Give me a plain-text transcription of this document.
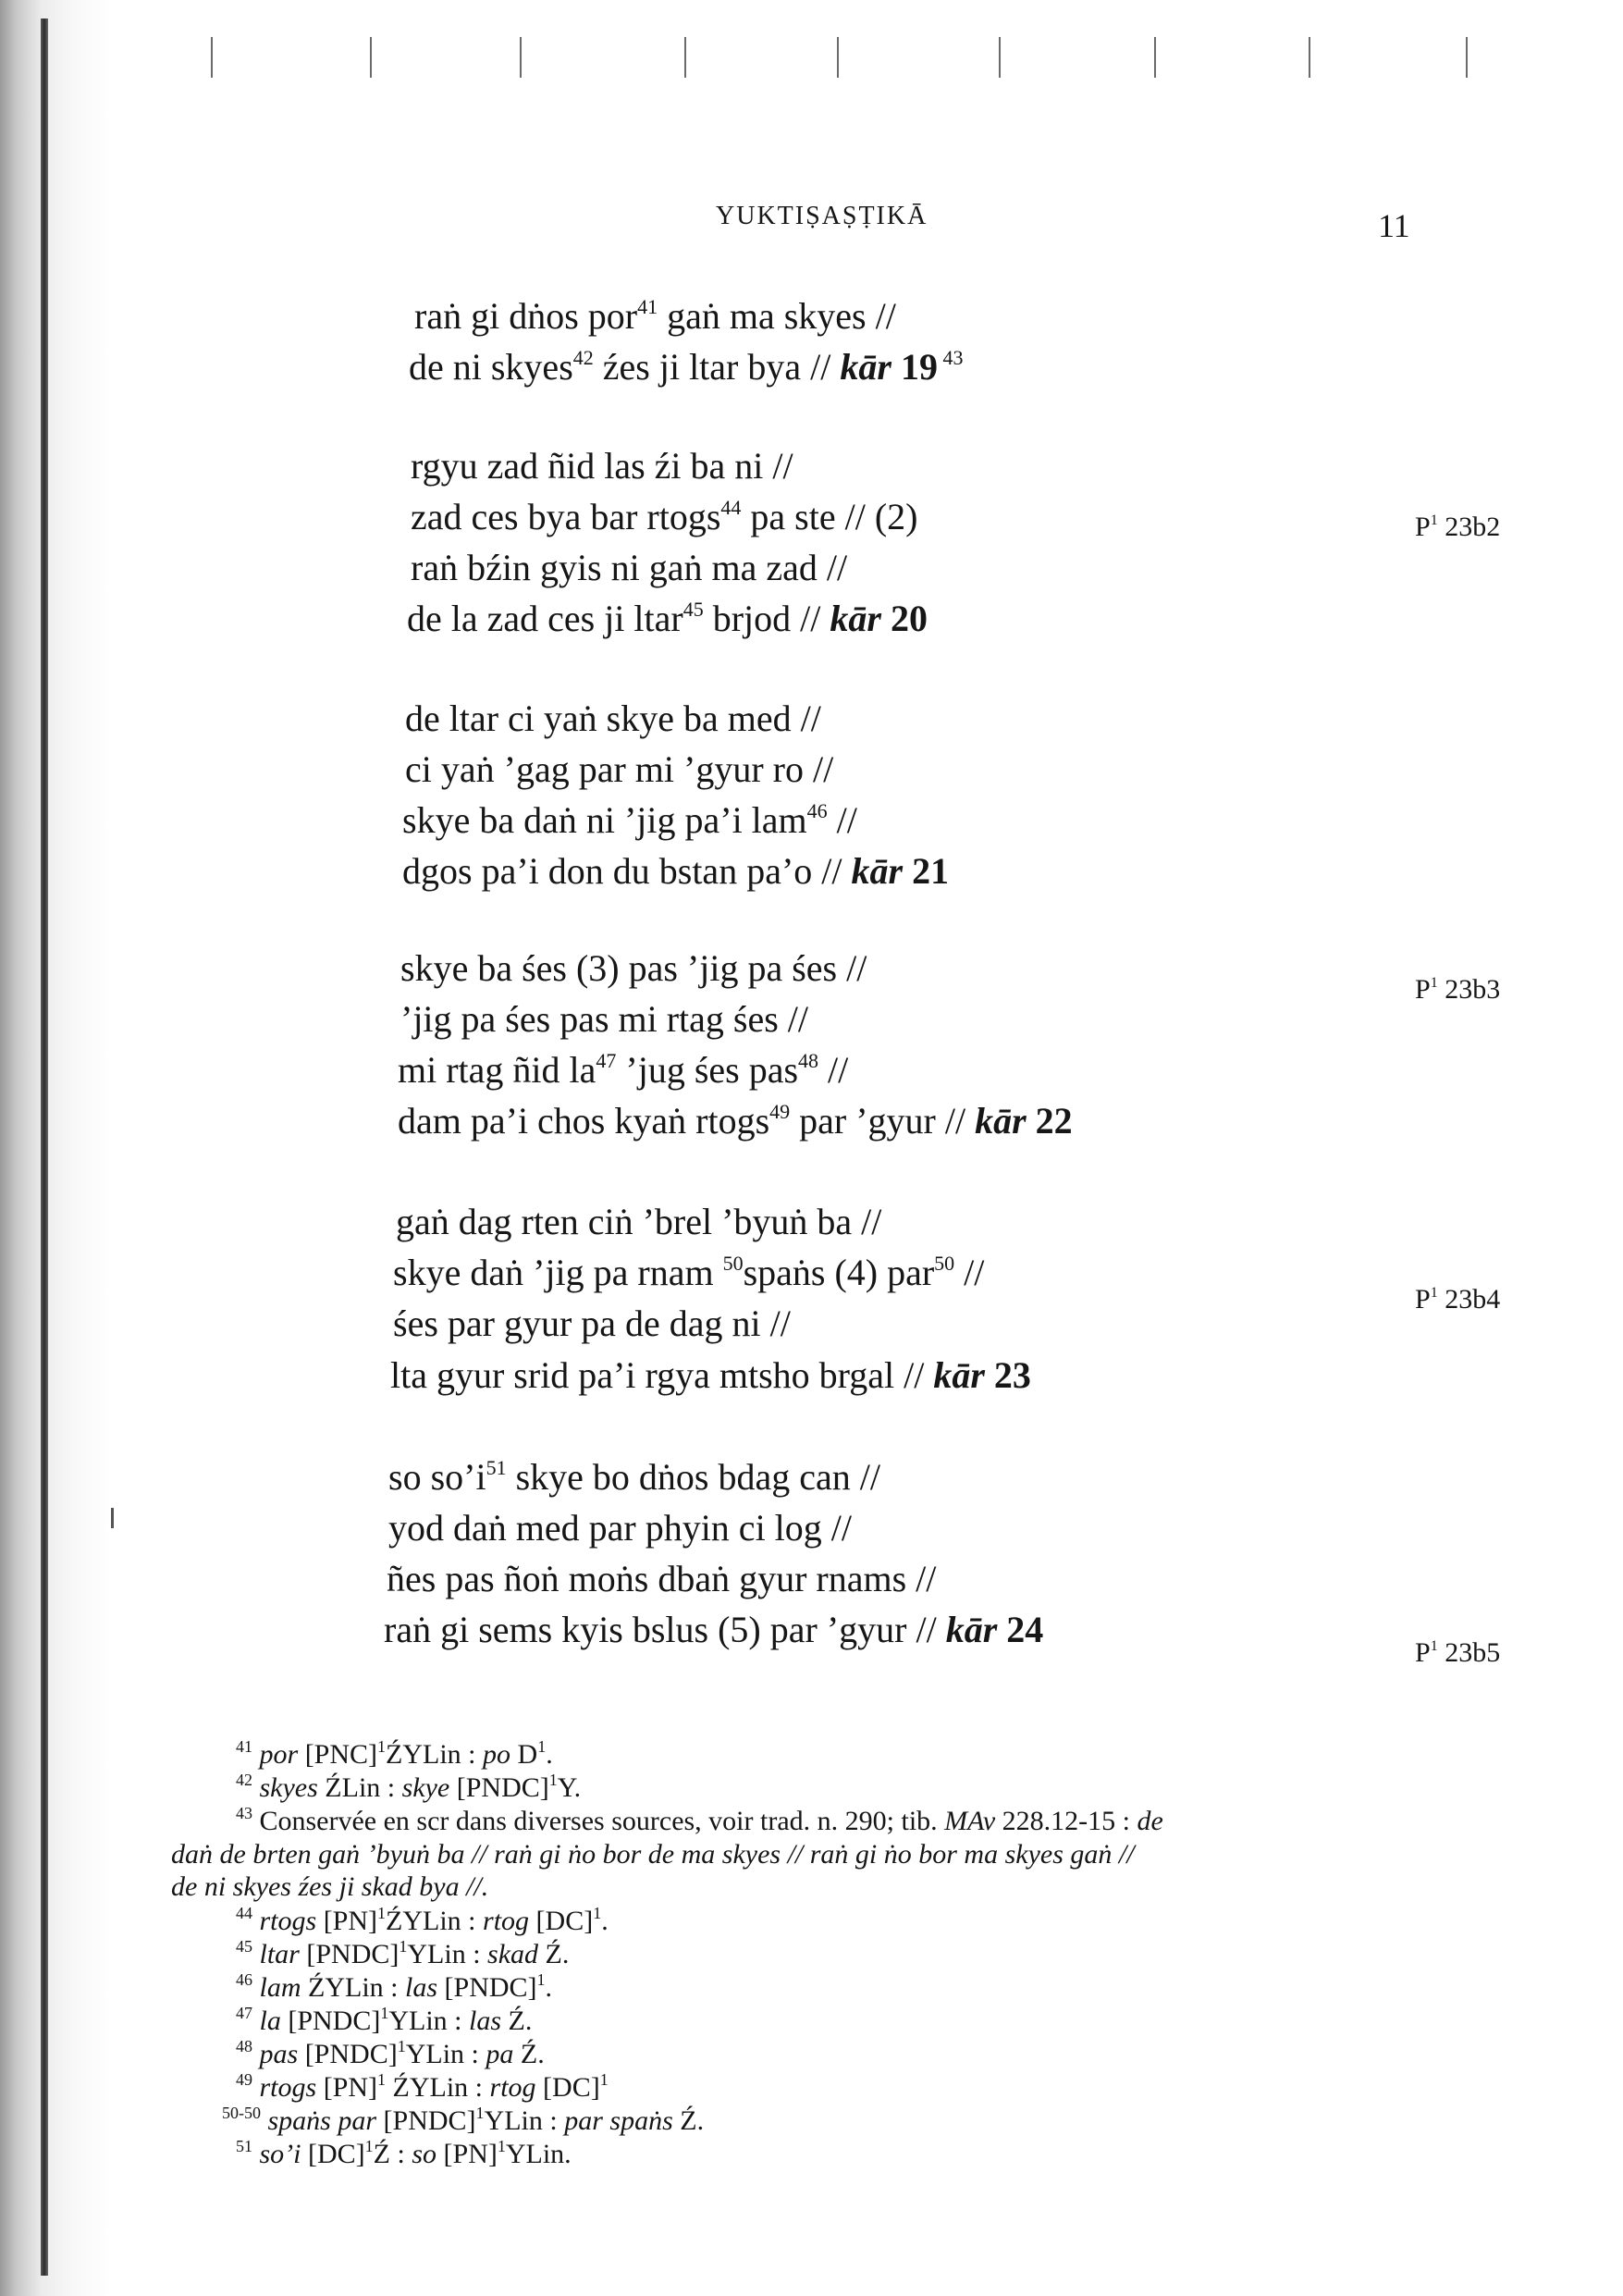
YUKTIṢAṢṬIKĀ	11
raṅ gi dṅos por$^{41}$ gaṅ ma skyes //
de ni skyes$^{42}$ źes ji ltar bya // kār 19 $^{43}$
rgyu zad ñid las źi ba ni //
zad ces bya bar rtogs$^{44}$ pa ste // (2)
raṅ bźin gyis ni gaṅ ma zad //
de la zad ces ji ltar$^{45}$ brjod // kār 20
de ltar ci yaṅ skye ba med //
ci yaṅ ’gag par mi ’gyur ro //
skye ba daṅ ni ’jig pa’i lam$^{46}$ //
dgos pa’i don du bstan pa’o // kār 21
skye ba śes (3) pas ’jig pa śes //
’jig pa śes pas mi rtag śes //
mi rtag ñid $la^{47}$ ’jug śes pas$^{48}$ //
dam pa’i chos kyaṅ rtogs$^{49}$ par ’gyur // kār 22
gaṅ dag rten ciṅ ’brel ’byuṅ ba //
skye daṅ ’jig pa rnam $^{50}$spaṅs (4) par$^{50}$ //
śes par gyur pa de dag ni //
lta gyur srid pa’i rgya mtsho brgal // kār 23
so $so’i^{51}$ skye bo dṅos bdag can //
yod daṅ med par phyin ci log //
ñes pas ñoṅ moṅs dbaṅ gyur rnams //
raṅ gi sems kyis bslus (5) par ’gyur // kār 24
$P^1$ 23b2
$P^1$ 23b3
$P^1$ 23b4
$P^1$ 23b5
$^{41}$ por [PNC]$^1$ŹYLin : po $D^1$.
$^{42}$ skyes ŹLin : skye [PNDC]$^1$Y.
$^{43}$ Conservée en scr dans diverses sources, voir trad. n. 290; tib. MAv 228.12-15 : de
daṅ de brten gaṅ ’byuṅ ba // raṅ gi ṅo bor de ma skyes // raṅ gi ṅo bor ma skyes gaṅ //
de ni skyes źes ji skad bya //.
$^{44}$ rtogs [PN]$^1$ŹYLin : rtog [DC]$^1$.
$^{45}$ ltar [PNDC]$^1$YLin : skad Ź.
$^{46}$ lam ŹYLin : las [PNDC]$^1$.
$^{47}$ la [PNDC]$^1$YLin : las Ź.
$^{48}$ pas [PNDC]$^1$YLin : pa Ź.
$^{49}$ rtogs [PN]$^1$ ŹYLin : rtog [DC]$^1$
$^{50-50}$ spaṅs par [PNDC]$^1$YLin : par spaṅs Ź.
$^{51}$ so’i [DC]$^1$Ź : so [PN]$^1$YLin.
